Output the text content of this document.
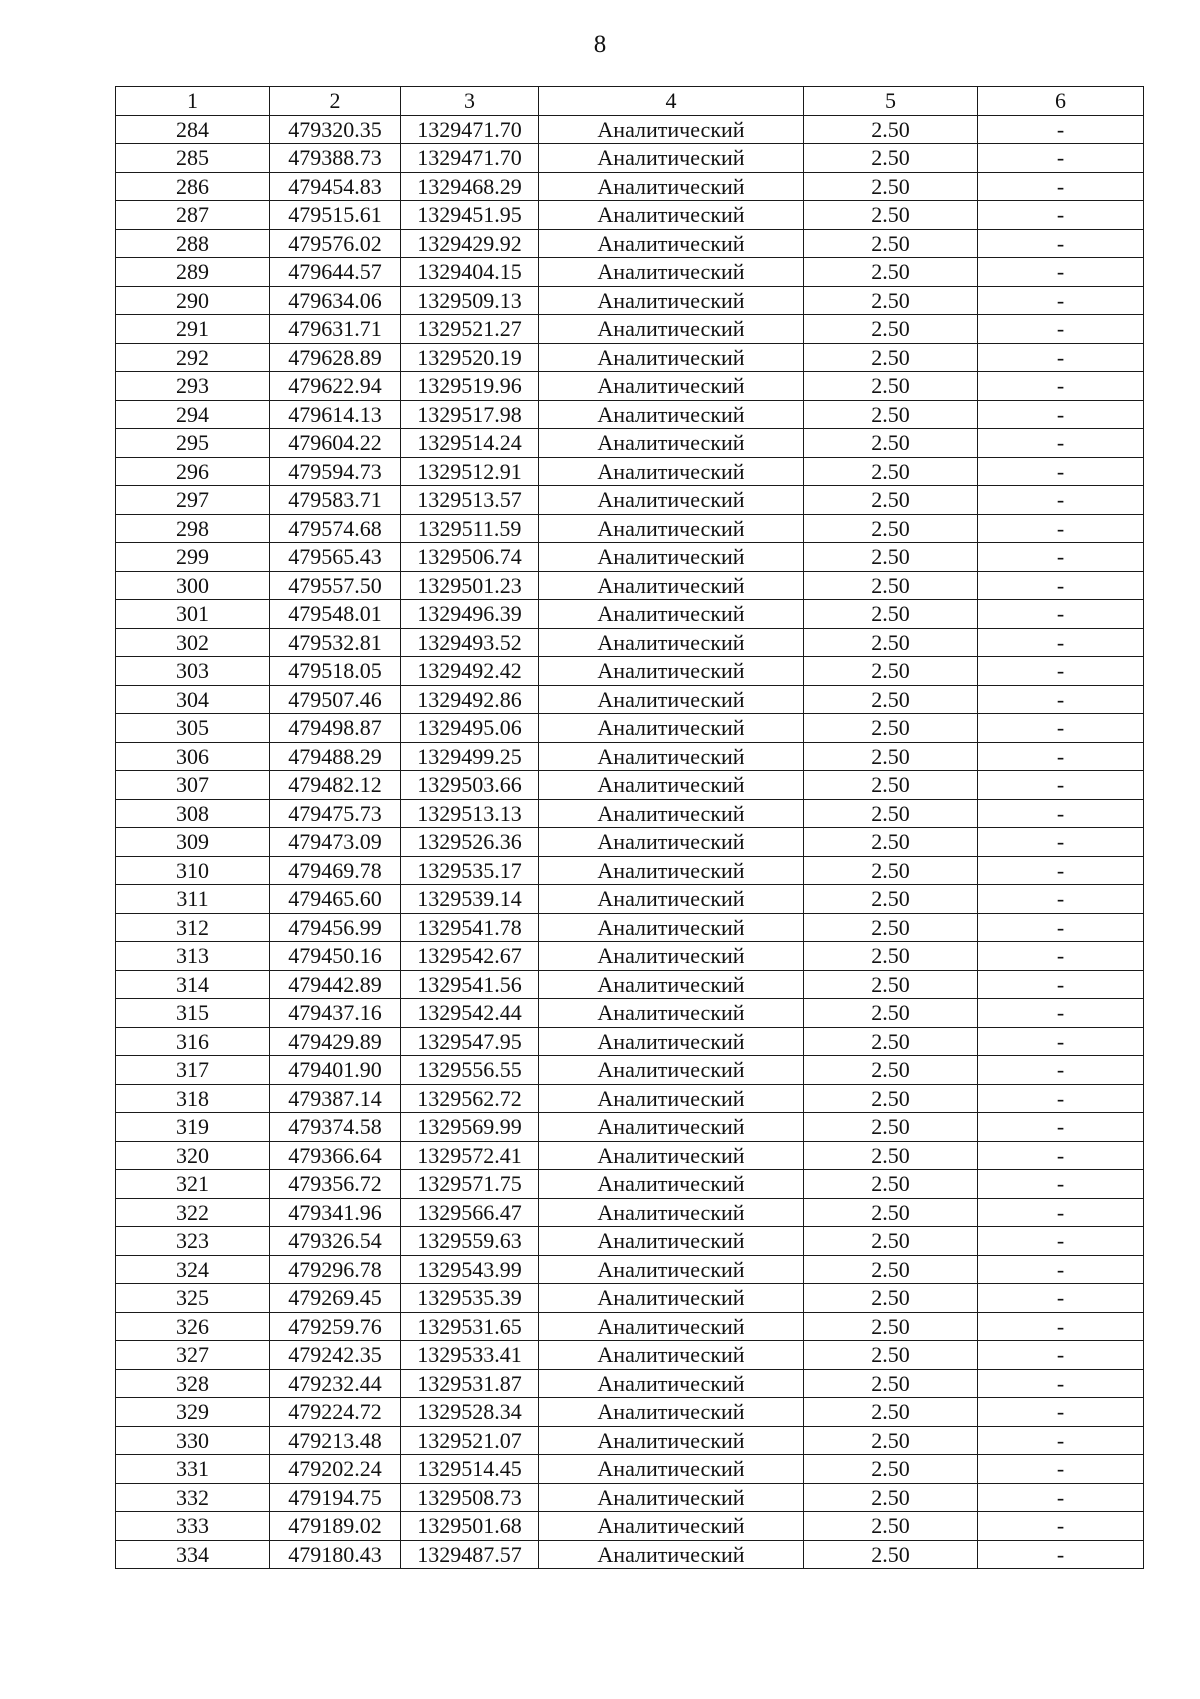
8
1	2	3	4	5	6
284	479320.35	1329471.70	Аналитический	2.50	-
285	479388.73	1329471.70	Аналитический	2.50	-
286	479454.83	1329468.29	Аналитический	2.50	-
287	479515.61	1329451.95	Аналитический	2.50	-
288	479576.02	1329429.92	Аналитический	2.50	-
289	479644.57	1329404.15	Аналитический	2.50	-
290	479634.06	1329509.13	Аналитический	2.50	-
291	479631.71	1329521.27	Аналитический	2.50	-
292	479628.89	1329520.19	Аналитический	2.50	-
293	479622.94	1329519.96	Аналитический	2.50	-
294	479614.13	1329517.98	Аналитический	2.50	-
295	479604.22	1329514.24	Аналитический	2.50	-
296	479594.73	1329512.91	Аналитический	2.50	-
297	479583.71	1329513.57	Аналитический	2.50	-
298	479574.68	1329511.59	Аналитический	2.50	-
299	479565.43	1329506.74	Аналитический	2.50	-
300	479557.50	1329501.23	Аналитический	2.50	-
301	479548.01	1329496.39	Аналитический	2.50	-
302	479532.81	1329493.52	Аналитический	2.50	-
303	479518.05	1329492.42	Аналитический	2.50	-
304	479507.46	1329492.86	Аналитический	2.50	-
305	479498.87	1329495.06	Аналитический	2.50	-
306	479488.29	1329499.25	Аналитический	2.50	-
307	479482.12	1329503.66	Аналитический	2.50	-
308	479475.73	1329513.13	Аналитический	2.50	-
309	479473.09	1329526.36	Аналитический	2.50	-
310	479469.78	1329535.17	Аналитический	2.50	-
311	479465.60	1329539.14	Аналитический	2.50	-
312	479456.99	1329541.78	Аналитический	2.50	-
313	479450.16	1329542.67	Аналитический	2.50	-
314	479442.89	1329541.56	Аналитический	2.50	-
315	479437.16	1329542.44	Аналитический	2.50	-
316	479429.89	1329547.95	Аналитический	2.50	-
317	479401.90	1329556.55	Аналитический	2.50	-
318	479387.14	1329562.72	Аналитический	2.50	-
319	479374.58	1329569.99	Аналитический	2.50	-
320	479366.64	1329572.41	Аналитический	2.50	-
321	479356.72	1329571.75	Аналитический	2.50	-
322	479341.96	1329566.47	Аналитический	2.50	-
323	479326.54	1329559.63	Аналитический	2.50	-
324	479296.78	1329543.99	Аналитический	2.50	-
325	479269.45	1329535.39	Аналитический	2.50	-
326	479259.76	1329531.65	Аналитический	2.50	-
327	479242.35	1329533.41	Аналитический	2.50	-
328	479232.44	1329531.87	Аналитический	2.50	-
329	479224.72	1329528.34	Аналитический	2.50	-
330	479213.48	1329521.07	Аналитический	2.50	-
331	479202.24	1329514.45	Аналитический	2.50	-
332	479194.75	1329508.73	Аналитический	2.50	-
333	479189.02	1329501.68	Аналитический	2.50	-
334	479180.43	1329487.57	Аналитический	2.50	-
